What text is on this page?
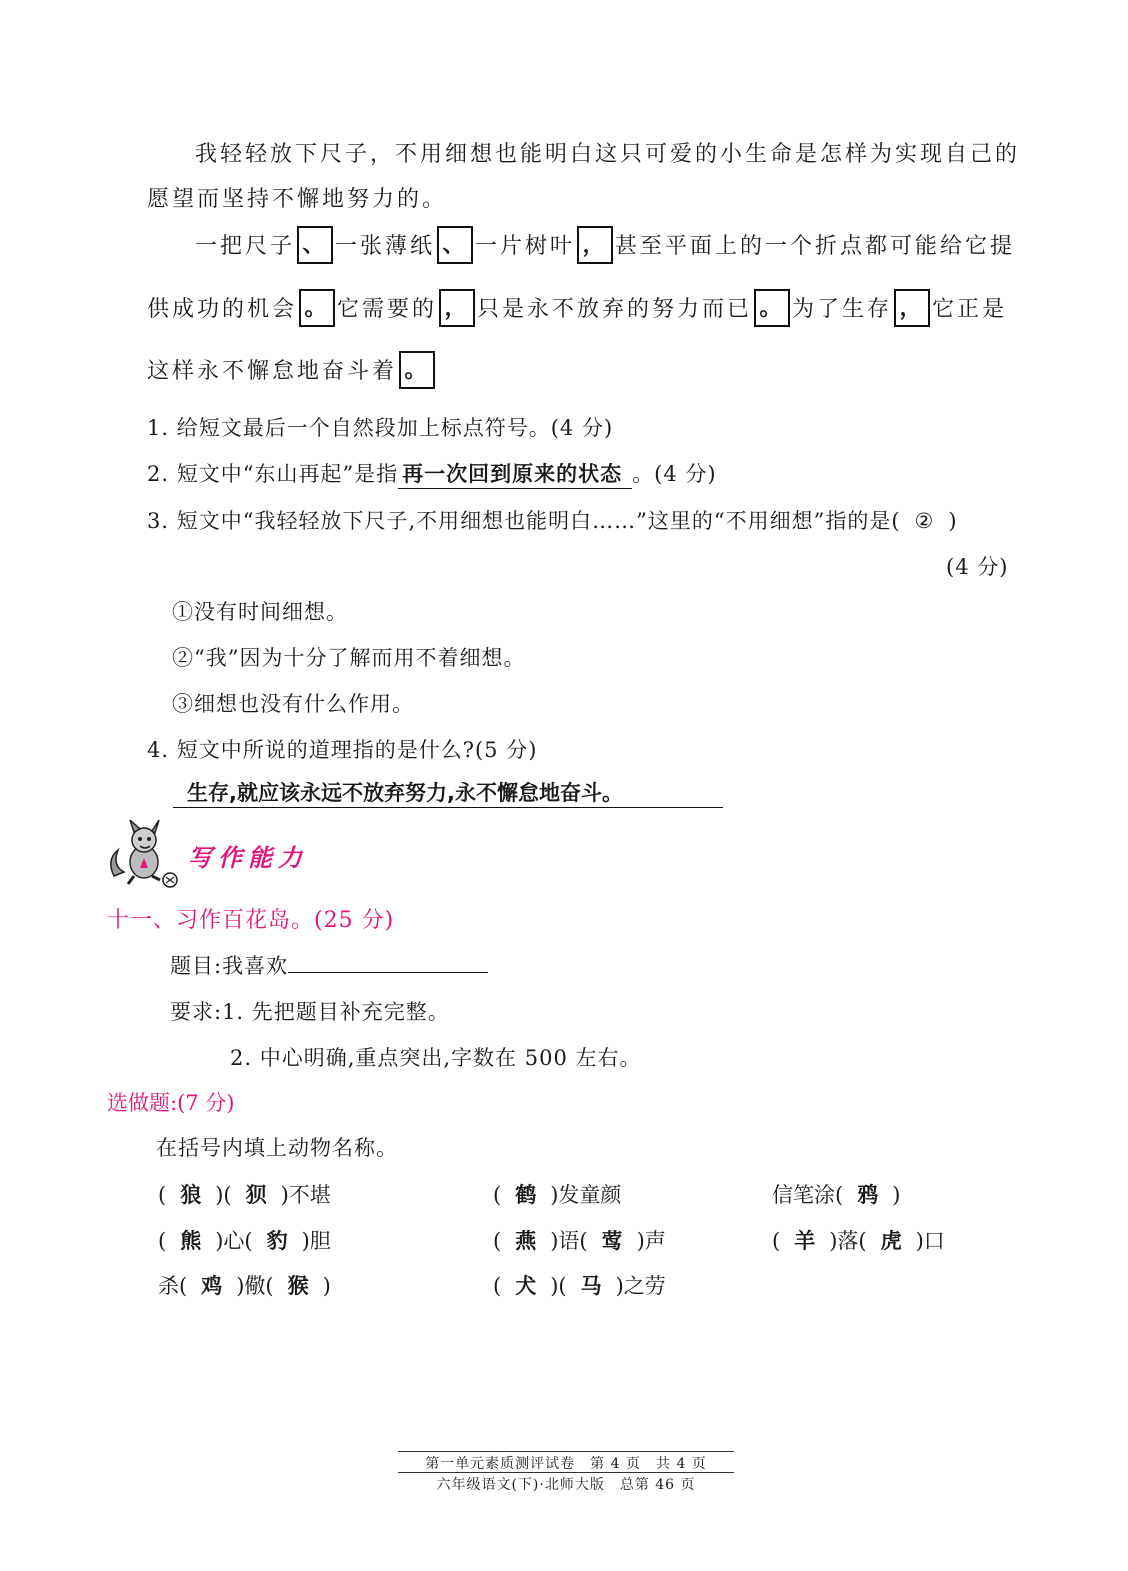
我轻轻放下尺子，不用细想也能明白这只可爱的小生命是怎样为实现自己的
愿望而坚持不懈地努力的。
一把尺子 、 一张薄纸 、 一片树叶 ， 甚至平面上的一个折点都可能给它提
供成功的机会 。 它需要的 ， 只是永不放弃的努力而已 。 为了生存 ， 它正是
这样永不懈怠地奋斗着 。
1. 给短文最后一个自然段加上标点符号。(4 分)
2. 短文中“东山再起”是指 再一次回到原来的状态 。(4 分)
3. 短文中“我轻轻放下尺子,不用细想也能明白……”这里的“不用细想”指的是( ② )
(4 分)
①没有时间细想。
②“我”因为十分了解而用不着细想。
③细想也没有什么作用。
4. 短文中所说的道理指的是什么?(5 分)
生存,就应该永远不放弃努力,永不懈怠地奋斗。
写作能力
十一、习作百花岛。(25 分)
题目:我喜欢
要求:1. 先把题目补充完整。
2. 中心明确,重点突出,字数在 500 左右。
选做题:(7 分)
在括号内填上动物名称。
( 狼 )( 狈 )不堪	( 鹤 )发童颜	信笔涂( 鸦 )
( 熊 )心( 豹 )胆	( 燕 )语( 莺 )声	( 羊 )落( 虎 )口
杀( 鸡 )儆( 猴 )	( 犬 )( 马 )之劳
第一单元素质测评试卷　第 4 页　共 4 页
六年级语文(下)·北师大版　总第 46 页
